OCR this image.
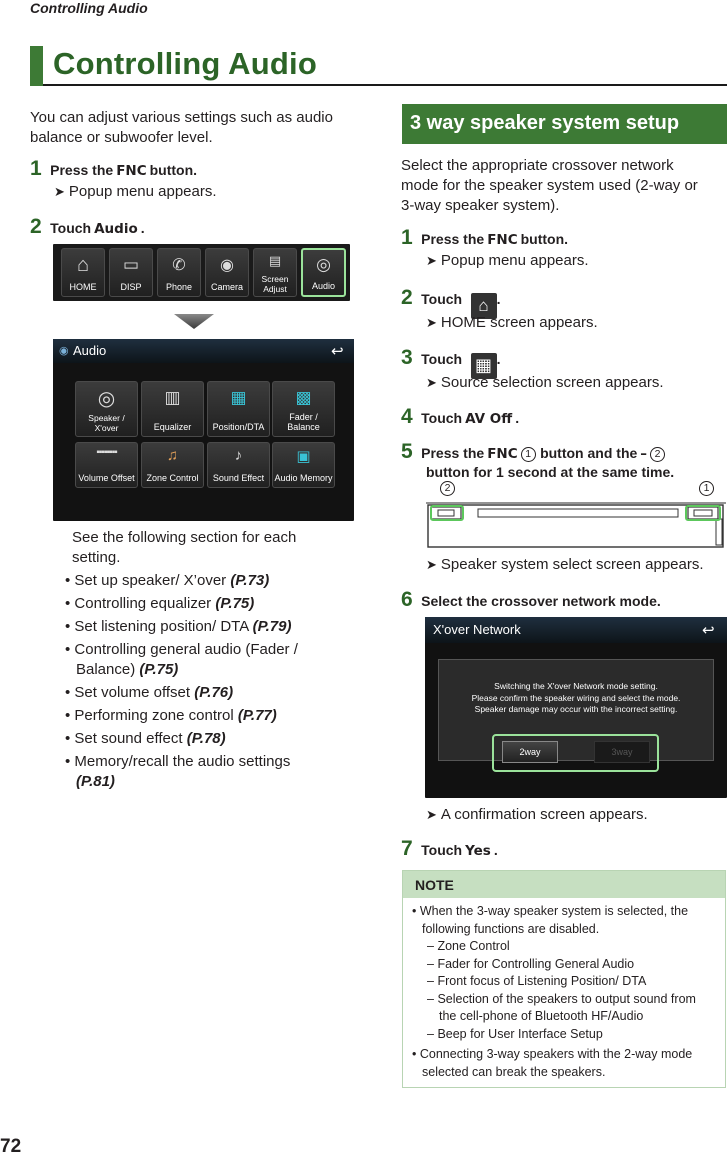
Controlling Audio
Controlling Audio
You can adjust various settings such as audio
balance or subwoofer level.
1 Press the FNC button.
➤ Popup menu appears.
2 Touch Audio .
⌂
HOME
▭
DISP
✆
Phone
◉
Camera
▤
Screen Adjust
◎
Audio
◉ Audio	↩
◎
Speaker /
X'over
▥
Equalizer
▦
Position/DTA
▩
Fader / Balance
▪▪▪▪▪▪▪▪
Volume Offset
♫
Zone Control
♪
Sound Effect
▣
Audio Memory
See the following section for each
setting.
• Set up speaker/ X’over (P.73)
• Controlling equalizer (P.75)
• Set listening position/ DTA (P.79)
• Controlling general audio (Fader /
Balance) (P.75)
• Set volume offset (P.76)
• Performing zone control (P.77)
• Set sound effect (P.78)
• Memory/recall the audio settings
(P.81)
3 way speaker system setup
Select the appropriate crossover network
mode for the speaker system used (2-way or
3-way speaker system).
1 Press the FNC button.
➤ Popup menu appears.
2 Touch ⌂ .
➤ HOME screen appears.
3 Touch ▦ .
➤ Source selection screen appears.
4 Touch AV Off .
5 Press the FNC 1 button and the – 2
button for 1 second at the same time.
2	1
➤ Speaker system select screen appears.
6 Select the crossover network mode.
X'over Network	↩
Switching the X'over Network mode setting.
Please confirm the speaker wiring and select the mode.
Speaker damage may occur with the incorrect setting.
2way	3way
➤ A confirmation screen appears.
7 Touch Yes .
NOTE
• When the 3-way speaker system is selected, the
following functions are disabled.
– Zone Control
– Fader for Controlling General Audio
– Front focus of Listening Position/ DTA
– Selection of the speakers to output sound from
the cell-phone of Bluetooth HF/Audio
– Beep for User Interface Setup
• Connecting 3-way speakers with the 2-way mode
selected can break the speakers.
72
